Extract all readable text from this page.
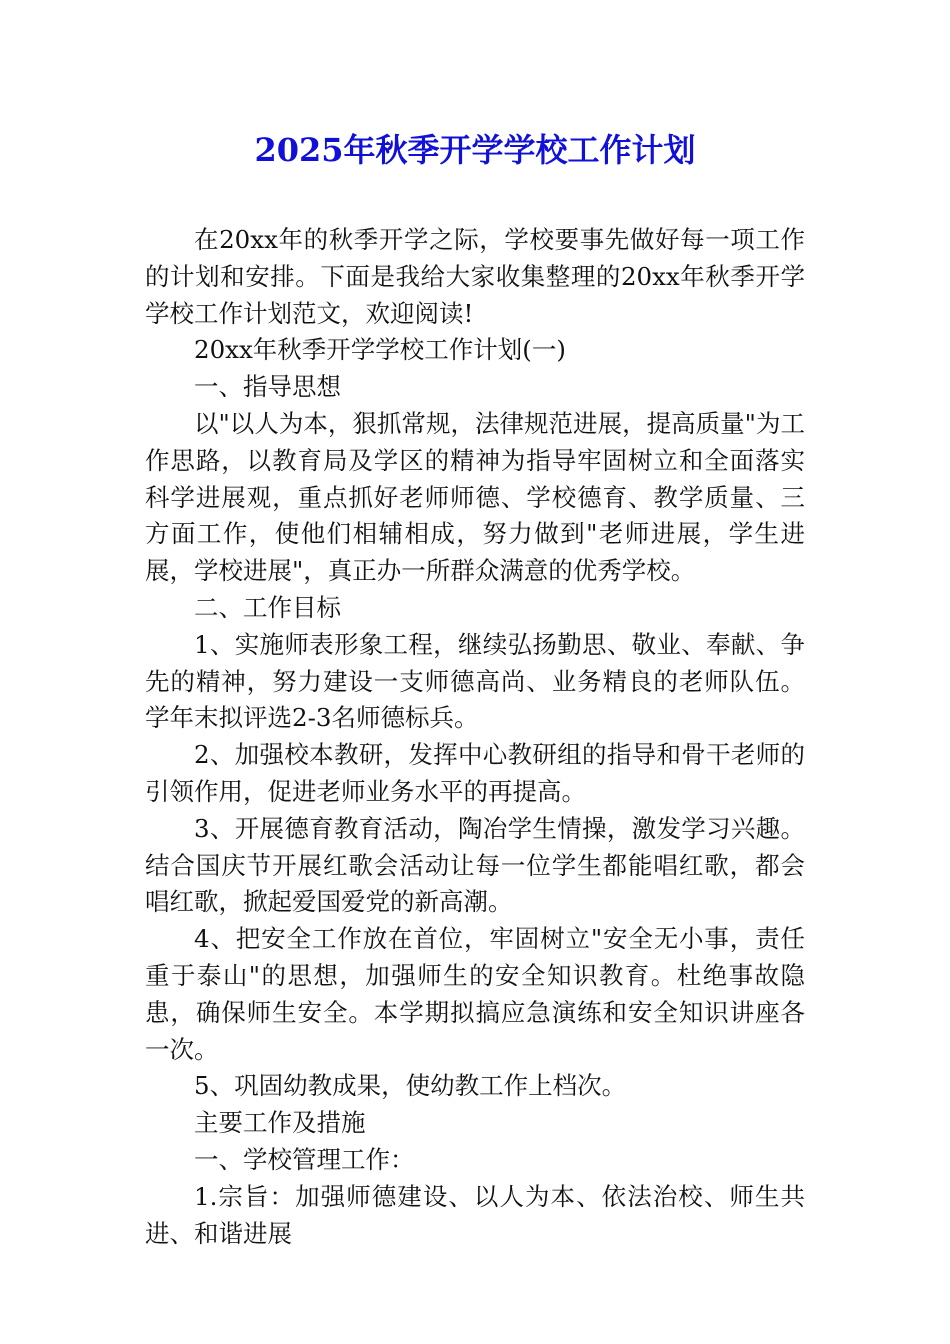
2025年秋季开学学校工作计划

在20xx年的秋季开学之际，学校要事先做好每一项工作的计划和安排。下面是我给大家收集整理的20xx年秋季开学学校工作计划范文，欢迎阅读!

20xx年秋季开学学校工作计划(一)

一、指导思想

以"以人为本，狠抓常规，法律规范进展，提高质量"为工作思路，以教育局及学区的精神为指导牢固树立和全面落实科学进展观，重点抓好老师师德、学校德育、教学质量、三方面工作，使他们相辅相成，努力做到"老师进展，学生进展，学校进展"，真正办一所群众满意的优秀学校。

二、工作目标

1、实施师表形象工程，继续弘扬勤思、敬业、奉献、争先的精神，努力建设一支师德高尚、业务精良的老师队伍。学年末拟评选2-3名师德标兵。

2、加强校本教研，发挥中心教研组的指导和骨干老师的引领作用，促进老师业务水平的再提高。

3、开展德育教育活动，陶冶学生情操，激发学习兴趣。结合国庆节开展红歌会活动让每一位学生都能唱红歌，都会唱红歌，掀起爱国爱党的新高潮。

4、把安全工作放在首位，牢固树立"安全无小事，责任重于泰山"的思想，加强师生的安全知识教育。杜绝事故隐患，确保师生安全。本学期拟搞应急演练和安全知识讲座各一次。

5、巩固幼教成果，使幼教工作上档次。

主要工作及措施

一、学校管理工作：

1.宗旨：加强师德建设、以人为本、依法治校、师生共进、和谐进展
